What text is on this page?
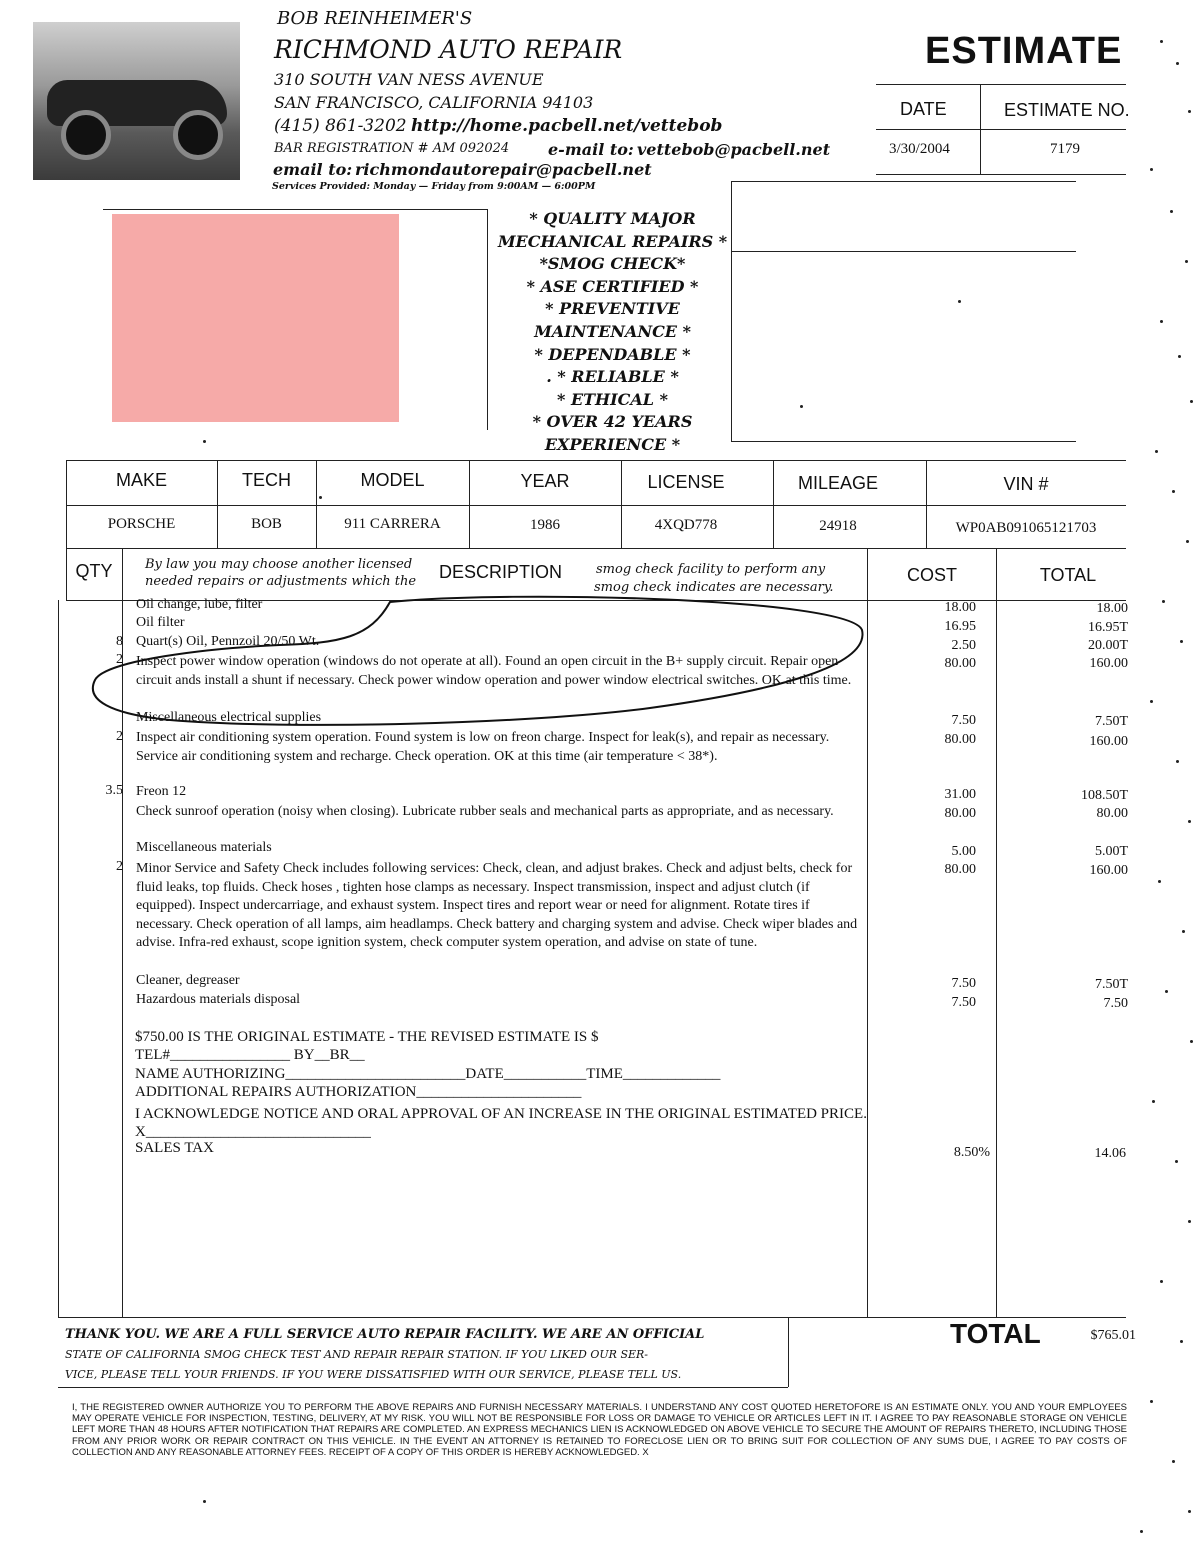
BOB REINHEIMER'S
RICHMOND AUTO REPAIR
310 SOUTH VAN NESS AVENUE
SAN FRANCISCO, CALIFORNIA 94103
(415) 861-3202 http://home.pacbell.net/vettebob
BAR REGISTRATION # AM 092024 e-mail to: vettebob@pacbell.net
email to: richmondautorepair@pacbell.net
Services Provided: Monday — Friday from 9:00AM — 6:00PM
ESTIMATE
DATE	ESTIMATE NO.
3/30/2004	7179
* QUALITY MAJOR
MECHANICAL REPAIRS *
*SMOG CHECK*
* ASE CERTIFIED *
* PREVENTIVE
MAINTENANCE *
* DEPENDABLE *
. * RELIABLE *
* ETHICAL *
* OVER 42 YEARS
EXPERIENCE *
MAKE	TECH	MODEL	YEAR	LICENSE	MILEAGE	VIN #
PORSCHE	BOB	911 CARRERA	1986	4XQD778	24918	WP0AB091065121703
QTY	DESCRIPTION	COST	TOTAL
By law you may choose another licensed
needed repairs or adjustments which the
smog check facility to perform any
smog check indicates are necessary.
Oil change, lube, filter	18.00	18.00
Oil filter	16.95	16.95T
8 Quart(s) Oil, Pennzoil 20/50 Wt.	2.50	20.00T
2 Inspect power window operation (windows do not operate at all). Found an open circuit in the B+ supply circuit. Repair open circuit ands install a shunt if necessary. Check power window operation and power window electrical switches. OK at this time.
80.00	160.00
Miscellaneous electrical supplies	7.50	7.50T
2 Inspect air conditioning system operation. Found system is low on freon charge. Inspect for leak(s), and repair as necessary. Service air conditioning system and recharge. Check operation. OK at this time (air temperature < 38*).
80.00	160.00
3.5 Freon 12	31.00	108.50T
Check sunroof operation (noisy when closing). Lubricate rubber seals and mechanical parts as appropriate, and as necessary.	80.00	80.00
Miscellaneous materials	5.00	5.00T
2 Minor Service and Safety Check includes following services: Check, clean, and adjust brakes. Check and adjust belts, check for fluid leaks, top fluids. Check hoses , tighten hose clamps as necessary. Inspect transmission, inspect and adjust clutch (if equipped). Inspect undercarriage, and exhaust system. Inspect tires and report wear or need for alignment. Rotate tires if necessary. Check operation of all lamps, aim headlamps. Check battery and charging system and advise. Check wiper blades and advise. Infra-red exhaust, scope ignition system, check computer system operation, and advise on state of tune.
80.00	160.00
Cleaner, degreaser	7.50	7.50T
Hazardous materials disposal	7.50	7.50
$750.00 IS THE ORIGINAL ESTIMATE - THE REVISED ESTIMATE IS $
TEL#________________ BY__BR__
NAME AUTHORIZING________________________DATE___________TIME_____________
ADDITIONAL REPAIRS AUTHORIZATION______________________
I ACKNOWLEDGE NOTICE AND ORAL APPROVAL OF AN INCREASE IN THE ORIGINAL ESTIMATED PRICE. X______________________________
SALES TAX	8.50%	14.06
THANK YOU. WE ARE A FULL SERVICE AUTO REPAIR FACILITY. WE ARE AN OFFICIAL
STATE OF CALIFORNIA SMOG CHECK TEST AND REPAIR REPAIR STATION. IF YOU LIKED OUR SER-
VICE, PLEASE TELL YOUR FRIENDS. IF YOU WERE DISSATISFIED WITH OUR SERVICE, PLEASE TELL US.
TOTAL	$765.01
I, THE REGISTERED OWNER AUTHORIZE YOU TO PERFORM THE ABOVE REPAIRS AND FURNISH NECESSARY MATERIALS. I UNDERSTAND ANY COST QUOTED HERETOFORE IS AN ESTIMATE ONLY. YOU AND YOUR EMPLOYEES MAY OPERATE VEHICLE FOR INSPECTION, TESTING, DELIVERY, AT MY RISK. YOU WILL NOT BE RESPONSIBLE FOR LOSS OR DAMAGE TO VEHICLE OR ARTICLES LEFT IN IT. I AGREE TO PAY REASONABLE STORAGE ON VEHICLE LEFT MORE THAN 48 HOURS AFTER NOTIFICATION THAT REPAIRS ARE COMPLETED. AN EXPRESS MECHANICS LIEN IS ACKNOWLEDGED ON ABOVE VEHICLE TO SECURE THE AMOUNT OF REPAIRS THERETO, INCLUDING THOSE FROM ANY PRIOR WORK OR REPAIR CONTRACT ON THIS VEHICLE. IN THE EVENT AN ATTORNEY IS RETAINED TO FORECLOSE LIEN OR TO BRING SUIT FOR COLLECTION OF ANY SUMS DUE, I AGREE TO PAY COSTS OF COLLECTION AND ANY REASONABLE ATTORNEY FEES. RECEIPT OF A COPY OF THIS ORDER IS HEREBY ACKNOWLEDGED. X
